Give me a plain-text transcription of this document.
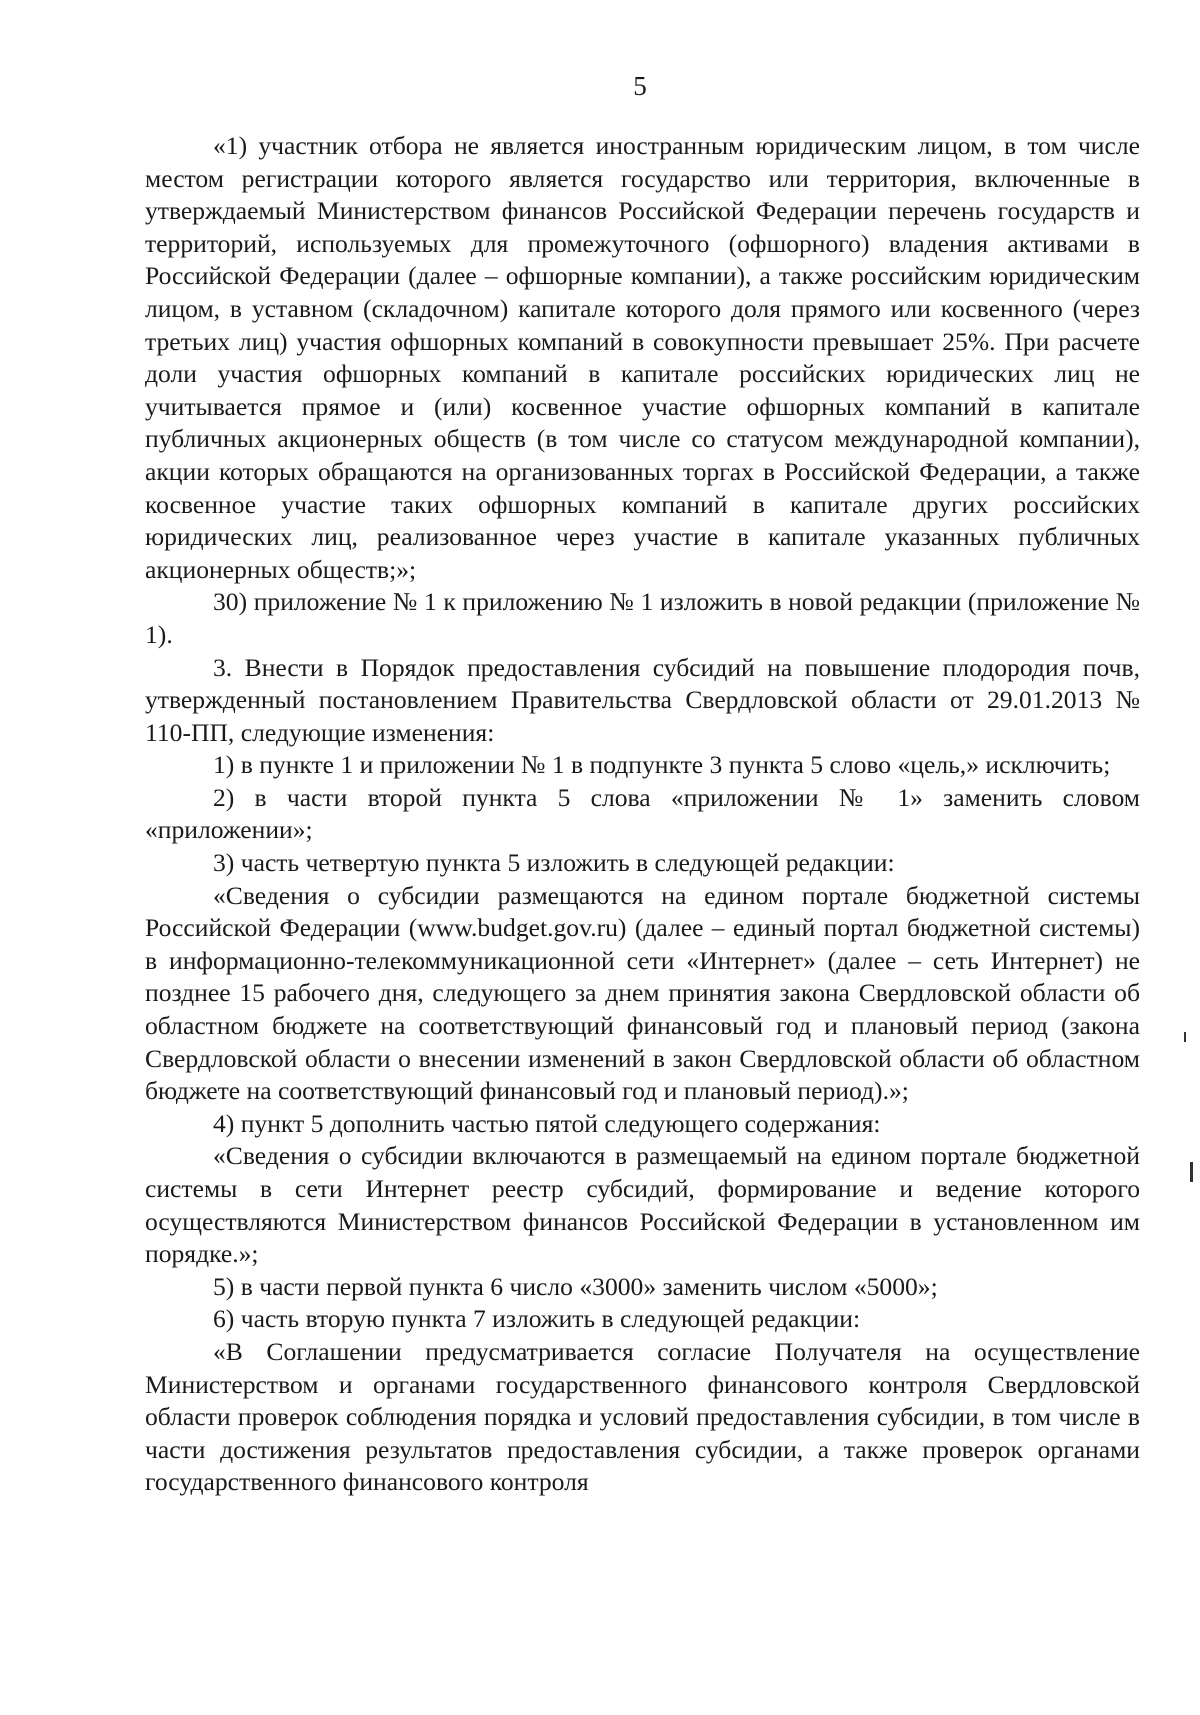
5

«1) участник отбора не является иностранным юридическим лицом, в том числе местом регистрации которого является государство или территория, включенные в утверждаемый Министерством финансов Российской Федерации перечень государств и территорий, используемых для промежуточного (офшорного) владения активами в Российской Федерации (далее – офшорные компании), а также российским юридическим лицом, в уставном (складочном) капитале которого доля прямого или косвенного (через третьих лиц) участия офшорных компаний в совокупности превышает 25%. При расчете доли участия офшорных компаний в капитале российских юридических лиц не учитывается прямое и (или) косвенное участие офшорных компаний в капитале публичных акционерных обществ (в том числе со статусом международной компании), акции которых обращаются на организованных торгах в Российской Федерации, а также косвенное участие таких офшорных компаний в капитале других российских юридических лиц, реализованное через участие в капитале указанных публичных акционерных обществ;»;

30) приложение № 1 к приложению № 1 изложить в новой редакции (приложение № 1).

3. Внести в Порядок предоставления субсидий на повышение плодородия почв, утвержденный постановлением Правительства Свердловской области от 29.01.2013 № 110-ПП, следующие изменения:

1) в пункте 1 и приложении № 1 в подпункте 3 пункта 5 слово «цель,» исключить;

2) в части второй пункта 5 слова «приложении № 1» заменить словом «приложении»;

3) часть четвертую пункта 5 изложить в следующей редакции:

«Сведения о субсидии размещаются на едином портале бюджетной системы Российской Федерации (www.budget.gov.ru) (далее – единый портал бюджетной системы) в информационно-телекоммуникационной сети «Интернет» (далее – сеть Интернет) не позднее 15 рабочего дня, следующего за днем принятия закона Свердловской области об областном бюджете на соответствующий финансовый год и плановый период (закона Свердловской области о внесении изменений в закон Свердловской области об областном бюджете на соответствующий финансовый год и плановый период).»;

4) пункт 5 дополнить частью пятой следующего содержания:

«Сведения о субсидии включаются в размещаемый на едином портале бюджетной системы в сети Интернет реестр субсидий, формирование и ведение которого осуществляются Министерством финансов Российской Федерации в установленном им порядке.»;

5) в части первой пункта 6 число «3000» заменить числом «5000»;

6) часть вторую пункта 7 изложить в следующей редакции:

«В Соглашении предусматривается согласие Получателя на осуществление Министерством и органами государственного финансового контроля Свердловской области проверок соблюдения порядка и условий предоставления субсидии, в том числе в части достижения результатов предоставления субсидии, а также проверок органами государственного финансового контроля
